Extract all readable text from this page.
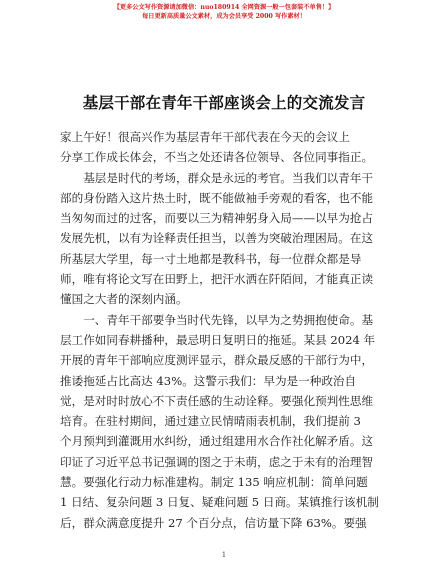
【更多公文写作资源请加微信：nuo180914 全网资源一般一包套装不单售！】
每日更新高质量公文素材，成为会员享受 2000 写作素材！
基层干部在青年干部座谈会上的交流发言
家上午好！很高兴作为基层青年干部代表在今天的会议上
分享工作成长体会，不当之处还请各位领导、各位同事指正。
　　基层是时代的考场，群众是永远的考官。当我们以青年干
部的身份踏入这片热土时，既不能做袖手旁观的看客，也不能
当匆匆而过的过客，而要以三为精神躬身入局——以早为抢占
发展先机，以有为诠释责任担当，以善为突破治理困局。在这
所基层大学里，每一寸土地都是教科书，每一位群众都是导
师，唯有将论文写在田野上，把汗水洒在阡陌间，才能真正读
懂国之大者的深刻内涵。
　　一、青年干部要争当时代先锋，以早为之势拥抱使命。基
层工作如同春耕播种，最忌明日复明日的拖延。某县 2024 年
开展的青年干部响应度测评显示，群众最反感的干部行为中，
推诿拖延占比高达 43%。这警示我们：早为是一种政治自
觉，是对时时放心不下责任感的生动诠释。要强化预判性思维
培育。在驻村期间，通过建立民情晴雨表机制，我们提前 3
个月预判到灌溉用水纠纷，通过组建用水合作社化解矛盾。这
印证了习近平总书记强调的图之于未萌，虑之于未有的治理智
慧。要强化行动力标准建构。制定 135 响应机制：简单问题
1 日结、复杂问题 3 日复、疑难问题 5 日商。某镇推行该机制
后，群众满意度提升 27 个百分点，信访量下降 63%。要强
1
